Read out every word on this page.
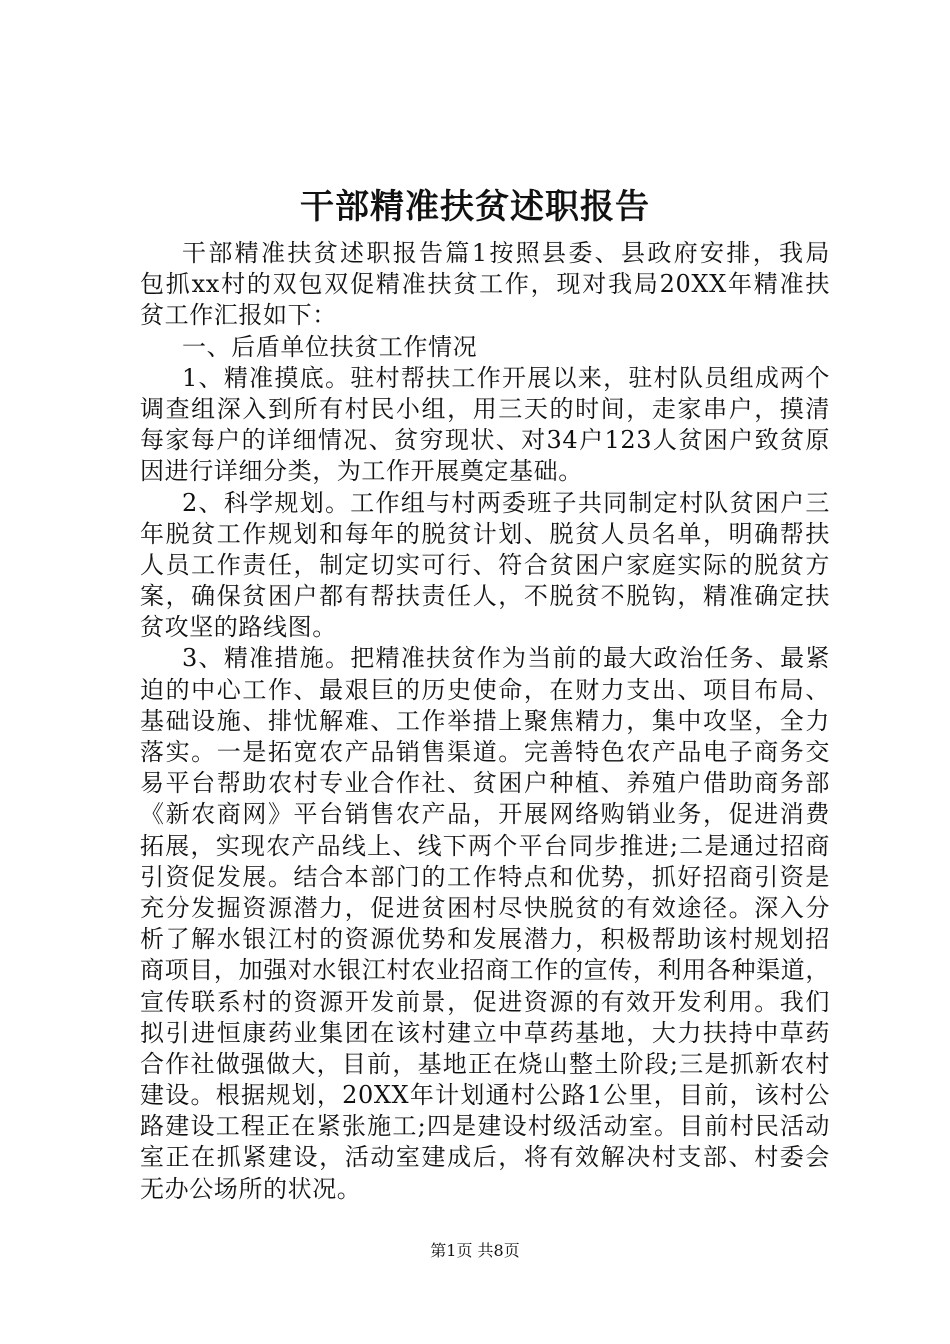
干部精准扶贫述职报告
干部精准扶贫述职报告篇1按照县委、县政府安排，我局
包抓xx村的双包双促精准扶贫工作，现对我局20XX年精准扶
贫工作汇报如下：
一、后盾单位扶贫工作情况
1、精准摸底。驻村帮扶工作开展以来，驻村队员组成两个
调查组深入到所有村民小组，用三天的时间，走家串户，摸清
每家每户的详细情况、贫穷现状、对34户123人贫困户致贫原
因进行详细分类，为工作开展奠定基础。
2、科学规划。工作组与村两委班子共同制定村队贫困户三
年脱贫工作规划和每年的脱贫计划、脱贫人员名单，明确帮扶
人员工作责任，制定切实可行、符合贫困户家庭实际的脱贫方
案，确保贫困户都有帮扶责任人，不脱贫不脱钩，精准确定扶
贫攻坚的路线图。
3、精准措施。把精准扶贫作为当前的最大政治任务、最紧
迫的中心工作、最艰巨的历史使命，在财力支出、项目布局、
基础设施、排忧解难、工作举措上聚焦精力，集中攻坚，全力
落实。一是拓宽农产品销售渠道。完善特色农产品电子商务交
易平台帮助农村专业合作社、贫困户种植、养殖户借助商务部
《新农商网》平台销售农产品，开展网络购销业务，促进消费
拓展，实现农产品线上、线下两个平台同步推进;二是通过招商
引资促发展。结合本部门的工作特点和优势，抓好招商引资是
充分发掘资源潜力，促进贫困村尽快脱贫的有效途径。深入分
析了解水银江村的资源优势和发展潜力，积极帮助该村规划招
商项目，加强对水银江村农业招商工作的宣传，利用各种渠道，
宣传联系村的资源开发前景，促进资源的有效开发利用。我们
拟引进恒康药业集团在该村建立中草药基地，大力扶持中草药
合作社做强做大，目前，基地正在烧山整土阶段;三是抓新农村
建设。根据规划，20XX年计划通村公路1公里，目前，该村公
路建设工程正在紧张施工;四是建设村级活动室。目前村民活动
室正在抓紧建设，活动室建成后，将有效解决村支部、村委会
无办公场所的状况。
第1页 共8页
